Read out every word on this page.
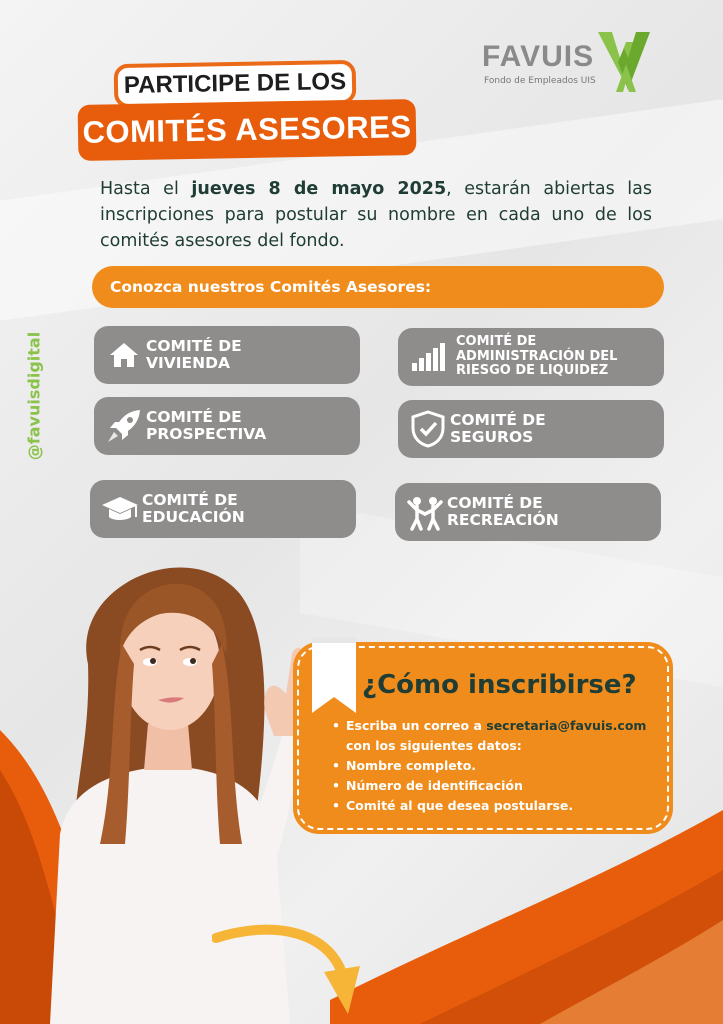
PARTICIPE DE LOS
COMITÉS ASESORES
FAVUIS
Fondo de Empleados UIS

Hasta el jueves 8 de mayo 2025, estarán abiertas las inscripciones para postular su nombre en cada uno de los comités asesores del fondo.

Conozca nuestros Comités Asesores:
@favuisdigital	COMITÉ DE VIVIENDA
COMITÉ DE ADMINISTRACIÓN DEL RIESGO DE LIQUIDEZ
COMITÉ DE PROSPECTIVA
COMITÉ DE SEGUROS
COMITÉ DE EDUCACIÓN
COMITÉ DE RECREACIÓN
¿Cómo inscribirse?
• Escriba un correo a secretaria@favuis.com
con los siguientes datos:
• Nombre completo.
• Número de identificación
• Comité al que desea postularse.
